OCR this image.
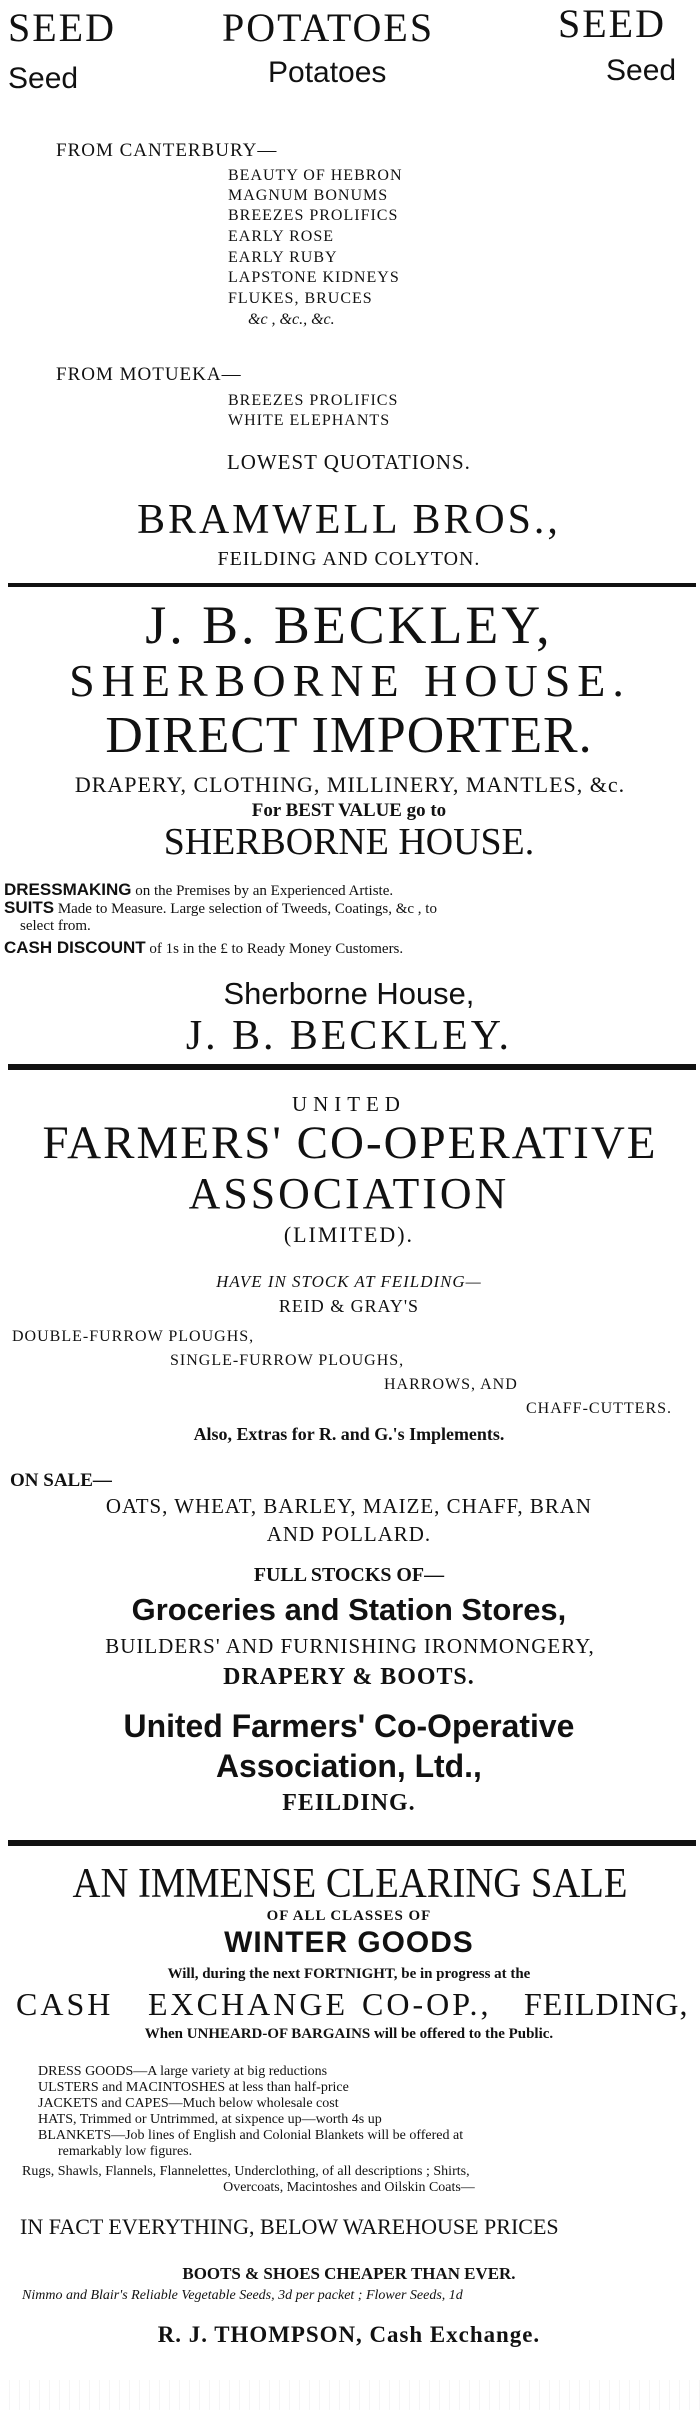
SEED	POTATOES	SEED
Seed	Potatoes	Seed
FROM CANTERBURY—
BEAUTY OF HEBRON
MAGNUM BONUMS
BREEZES PROLIFICS
EARLY ROSE
EARLY RUBY
LAPSTONE KIDNEYS
FLUKES, BRUCES
&c , &c., &c.
FROM MOTUEKA—
BREEZES PROLIFICS
WHITE ELEPHANTS
LOWEST QUOTATIONS.
BRAMWELL BROS.,
FEILDING AND COLYTON.
J. B. BECKLEY,
SHERBORNE HOUSE.
DIRECT IMPORTER.
DRAPERY, CLOTHING, MILLINERY, MANTLES, &c.
For BEST VALUE go to
SHERBORNE HOUSE.
DRESSMAKING on the Premises by an Experienced Artiste.
SUITS Made to Measure. Large selection of Tweeds, Coatings, &c , to
select from.
CASH DISCOUNT of 1s in the £ to Ready Money Customers.
Sherborne House,
J. B. BECKLEY.
UNITED
FARMERS' CO-OPERATIVE
ASSOCIATION
(LIMITED).
HAVE IN STOCK AT FEILDING—
REID & GRAY'S
DOUBLE-FURROW PLOUGHS,
SINGLE-FURROW PLOUGHS,
HARROWS, AND
CHAFF-CUTTERS.
Also, Extras for R. and G.'s Implements.
ON SALE—
OATS, WHEAT, BARLEY, MAIZE, CHAFF, BRAN
AND POLLARD.
FULL STOCKS OF—
Groceries and Station Stores,
BUILDERS' AND FURNISHING IRONMONGERY,
DRAPERY & BOOTS.
United Farmers' Co-Operative
Association, Ltd.,
FEILDING.
AN IMMENSE CLEARING SALE
OF ALL CLASSES OF
WINTER GOODS
Will, during the next FORTNIGHT, be in progress at the
CASH EXCHANGE CO-OP., FEILDING,
When UNHEARD-OF BARGAINS will be offered to the Public.
DRESS GOODS—A large variety at big reductions
ULSTERS and MACINTOSHES at less than half-price
JACKETS and CAPES—Much below wholesale cost
HATS, Trimmed or Untrimmed, at sixpence up—worth 4s up
BLANKETS—Job lines of English and Colonial Blankets will be offered at
remarkably low figures.
Rugs, Shawls, Flannels, Flannelettes, Underclothing, of all descriptions ; Shirts,
Overcoats, Macintoshes and Oilskin Coats—
IN FACT EVERYTHING, BELOW WAREHOUSE PRICES
BOOTS & SHOES CHEAPER THAN EVER.
Nimmo and Blair's Reliable Vegetable Seeds, 3d per packet ; Flower Seeds, 1d
R. J. THOMPSON, Cash Exchange.
